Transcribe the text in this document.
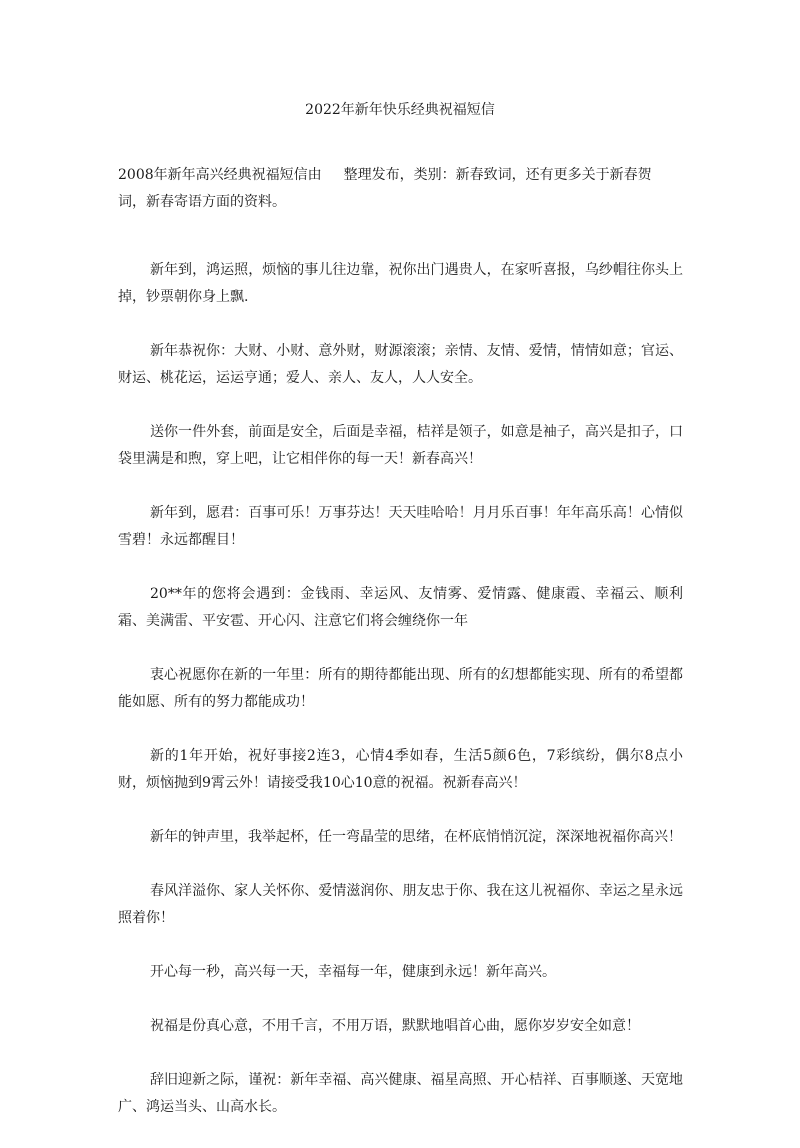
2022年新年快乐经典祝福短信

2008年新年高兴经典祝福短信由 整理发布，类别：新春致词，还有更多关于新春贺词，新春寄语方面的资料。

新年到，鸿运照，烦恼的事儿往边靠，祝你出门遇贵人，在家听喜报，乌纱帽往你头上掉，钞票朝你身上飘.

新年恭祝你：大财、小财、意外财，财源滚滚；亲情、友情、爱情，情情如意；官运、财运、桃花运，运运亨通；爱人、亲人、友人，人人安全。

送你一件外套，前面是安全，后面是幸福，桔祥是领子，如意是袖子，高兴是扣子，口袋里满是和煦，穿上吧，让它相伴你的每一天！新春高兴！

新年到，愿君：百事可乐！万事芬达！天天哇哈哈！月月乐百事！年年高乐高！心情似雪碧！永远都醒目！

20**年的您将会遇到：金钱雨、幸运风、友情雾、爱情露、健康霞、幸福云、顺利霜、美满雷、平安雹、开心闪、注意它们将会缠绕你一年

衷心祝愿你在新的一年里：所有的期待都能出现、所有的幻想都能实现、所有的希望都能如愿、所有的努力都能成功！

新的1年开始，祝好事接2连3，心情4季如春，生活5颜6色，7彩缤纷，偶尔8点小财，烦恼抛到9霄云外！请接受我10心10意的祝福。祝新春高兴！

新年的钟声里，我举起杯，任一弯晶莹的思绪，在杯底悄悄沉淀，深深地祝福你高兴！

春风洋溢你、家人关怀你、爱情滋润你、朋友忠于你、我在这儿祝福你、幸运之星永远照着你！

开心每一秒，高兴每一天，幸福每一年，健康到永远！新年高兴。

祝福是份真心意，不用千言，不用万语，默默地唱首心曲，愿你岁岁安全如意！

辞旧迎新之际，谨祝：新年幸福、高兴健康、福星高照、开心桔祥、百事顺遂、天宽地广、鸿运当头、山高水长。
